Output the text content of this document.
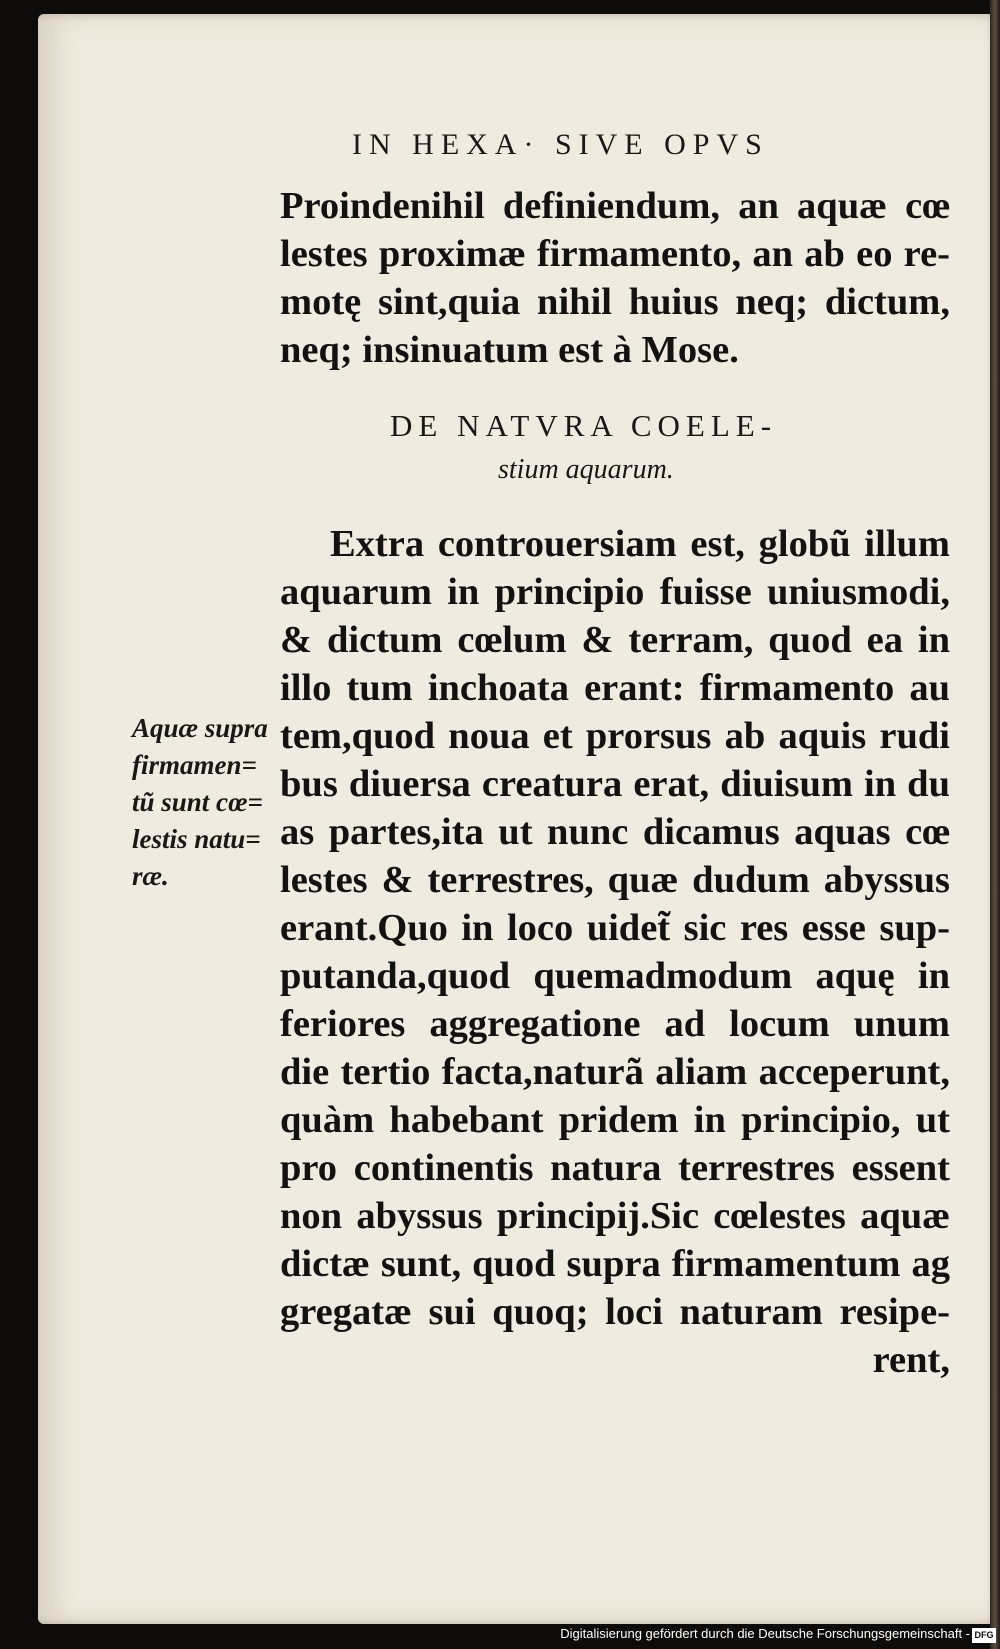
IN HEXA· SIVE OPVS
Proindenihil definiendum, an aquæ cœ
lestes proximæ firmamento, an ab eo re-
motę sint,quia nihil huius neq; dictum,
neq; insinuatum est à Mose.
DE NATVRA COELE-
stium aquarum.
Extra controuersiam est, globũ illum
aquarum in principio fuisse uniusmodi,
& dictum cœlum & terram, quod ea in
illo tum inchoata erant: firmamento au
tem,quod noua et prorsus ab aquis rudi
bus diuersa creatura erat, diuisum in du
as partes,ita ut nunc dicamus aquas cœ
lestes & terrestres, quæ dudum abyssus
erant.Quo in loco uidet̃ sic res esse sup-
putanda,quod quemadmodum aquę in
feriores aggregatione ad locum unum
die tertio facta,naturã aliam acceperunt,
quàm habebant pridem in principio, ut
pro continentis natura terrestres essent
non abyssus principij.Sic cœlestes aquæ
dictæ sunt, quod supra firmamentum ag
gregatæ sui quoq; loci naturam resipe-
rent,
Aquæ supra
firmamen=
tũ sunt cœ=
lestis natu=
ræ.
Digitalisierung gefördert durch die Deutsche Forschungsgemeinschaft - DFG
